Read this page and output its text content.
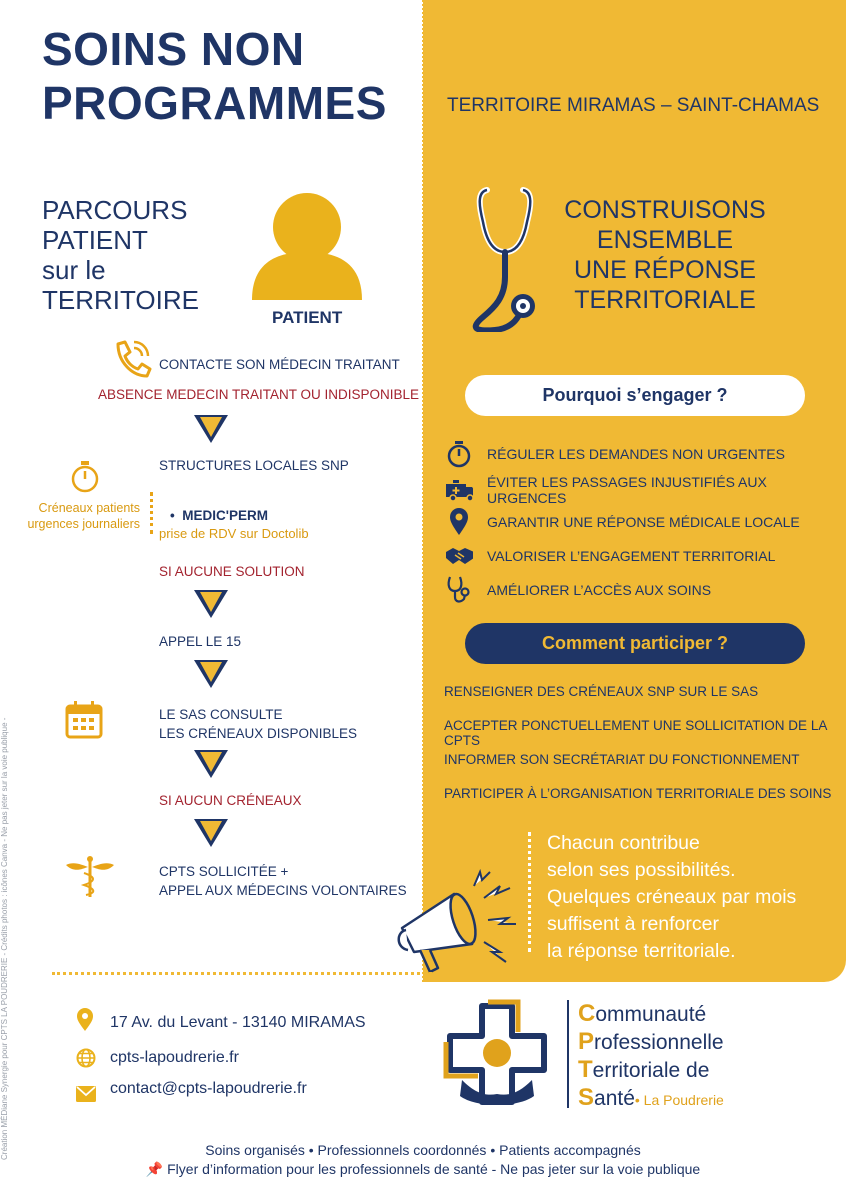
SOINS NON
PROGRAMMES	TERRITOIRE MIRAMAS – SAINT-CHAMAS
PARCOURS
PATIENT
sur le
TERRITOIRE
PATIENT
CONSTRUISONS
ENSEMBLE
UNE RÉPONSE
TERRITORIALE
CONTACTE SON MÉDECIN TRAITANT
ABSENCE MEDECIN TRAITANT OU INDISPONIBLE
STRUCTURES LOCALES SNP
Créneaux patients
urgences journaliers
•  MEDIC'PERM
prise de RDV sur Doctolib
SI AUCUNE SOLUTION
APPEL LE 15
LE SAS CONSULTE
LES CRÉNEAUX DISPONIBLES
SI AUCUN CRÉNEAUX
CPTS SOLLICITÉE +
APPEL AUX MÉDECINS VOLONTAIRES
Pourquoi s’engager ?
RÉGULER LES DEMANDES NON URGENTES
ÉVITER LES PASSAGES INJUSTIFIÉS AUX URGENCES
GARANTIR UNE RÉPONSE MÉDICALE LOCALE
VALORISER L’ENGAGEMENT TERRITORIAL
AMÉLIORER L’ACCÈS AUX SOINS
Comment participer ?
RENSEIGNER DES CRÉNEAUX SNP SUR LE SAS
ACCEPTER PONCTUELLEMENT UNE SOLLICITATION DE LA CPTS
INFORMER SON SECRÉTARIAT DU FONCTIONNEMENT
PARTICIPER À L’ORGANISATION TERRITORIALE DES SOINS
Chacun contribue
selon ses possibilités.
Quelques créneaux par mois
suffisent à renforcer
la réponse territoriale.
17 Av. du Levant - 13140 MIRAMAS
cpts-lapoudrerie.fr
contact@cpts-lapoudrerie.fr
Communauté
Professionnelle
Territoriale de
Santé• La Poudrerie
Soins organisés • Professionnels coordonnés • Patients accompagnés
📌 Flyer d’information pour les professionnels de santé - Ne pas jeter sur la voie publique
Création MÉDiane Synergie pour CPTS LA POUDRERIE - Crédits photos : icônes Canva - Ne pas jeter sur la voie publique -
